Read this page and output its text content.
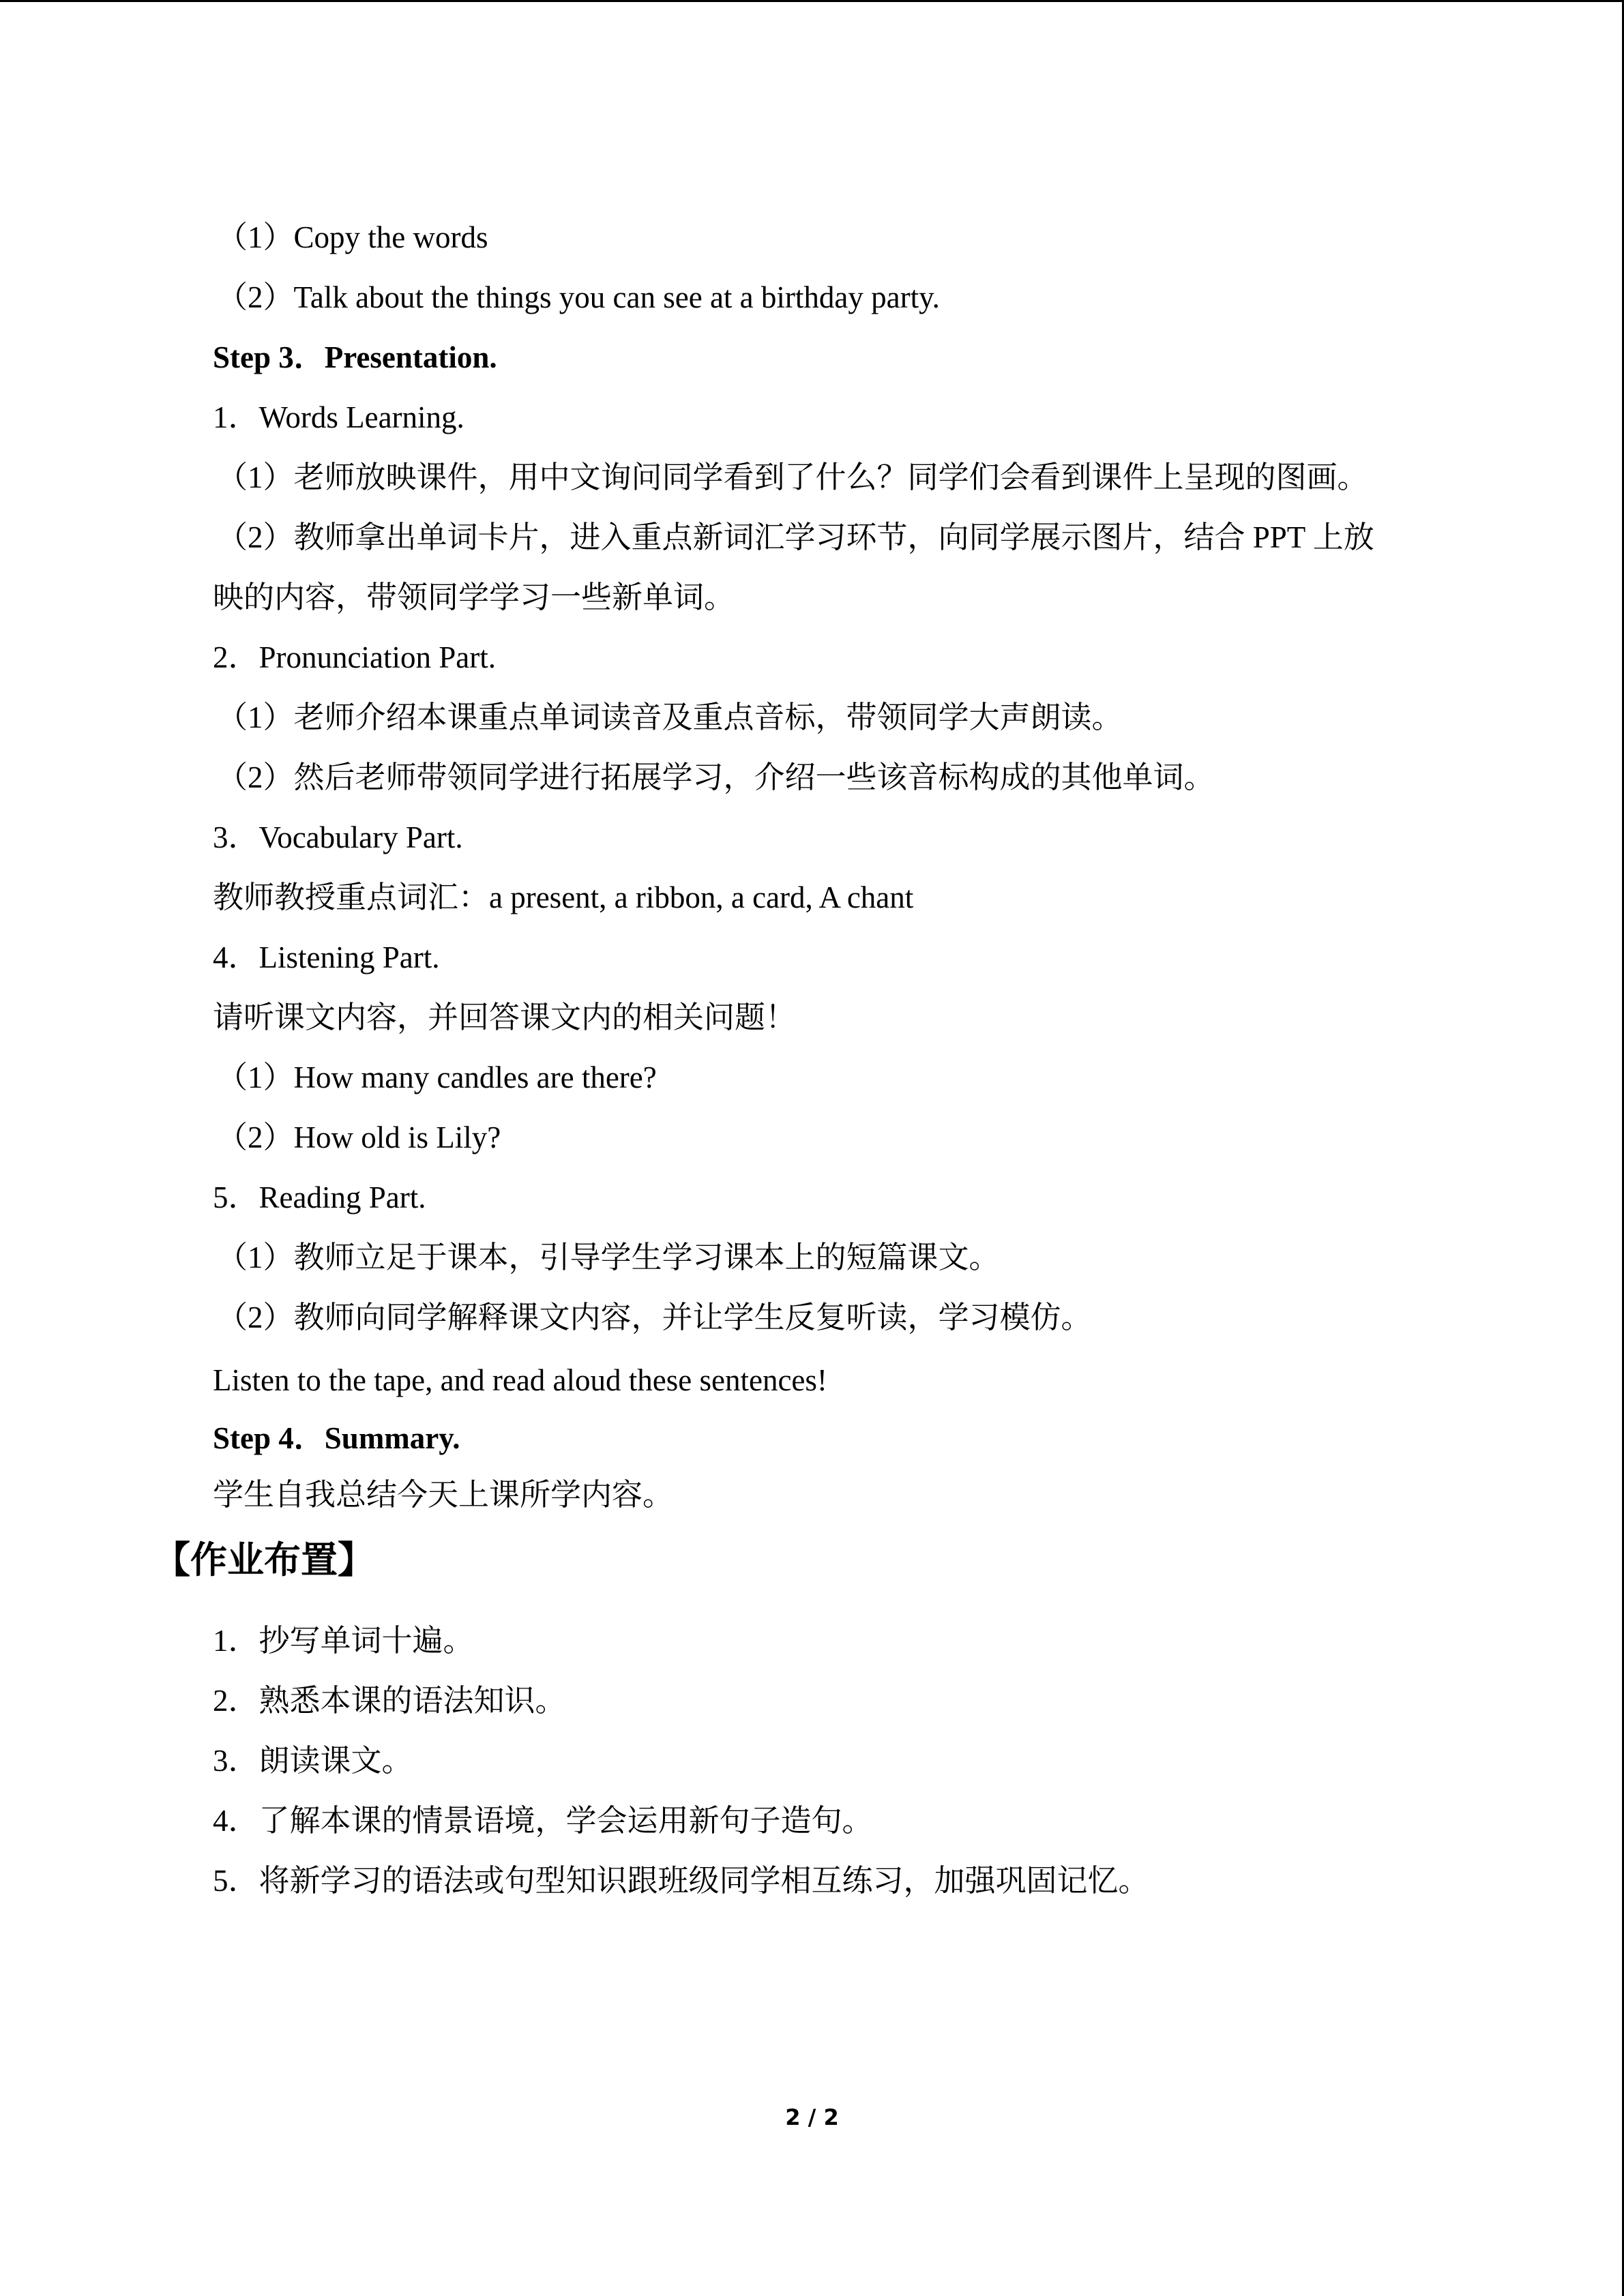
（1）Copy the words
（2）Talk about the things you can see at a birthday party.
Step 3．Presentation.
1．Words Learning.
（1）老师放映课件，用中文询问同学看到了什么？同学们会看到课件上呈现的图画。
（2）教师拿出单词卡片，进入重点新词汇学习环节，向同学展示图片，结合 PPT 上放
映的内容，带领同学学习一些新单词。
2．Pronunciation Part.
（1）老师介绍本课重点单词读音及重点音标，带领同学大声朗读。
（2）然后老师带领同学进行拓展学习，介绍一些该音标构成的其他单词。
3．Vocabulary Part.
教师教授重点词汇：a present, a ribbon, a card, A chant
4．Listening Part.
请听课文内容，并回答课文内的相关问题！
（1）How many candles are there?
（2）How old is Lily?
5．Reading Part.
（1）教师立足于课本，引导学生学习课本上的短篇课文。
（2）教师向同学解释课文内容，并让学生反复听读，学习模仿。
Listen to the tape, and read aloud these sentences!
Step 4．Summary.
学生自我总结今天上课所学内容。
【作业布置】
1．抄写单词十遍。
2．熟悉本课的语法知识。
3．朗读课文。
4．了解本课的情景语境，学会运用新句子造句。
5．将新学习的语法或句型知识跟班级同学相互练习，加强巩固记忆。
2 / 2
